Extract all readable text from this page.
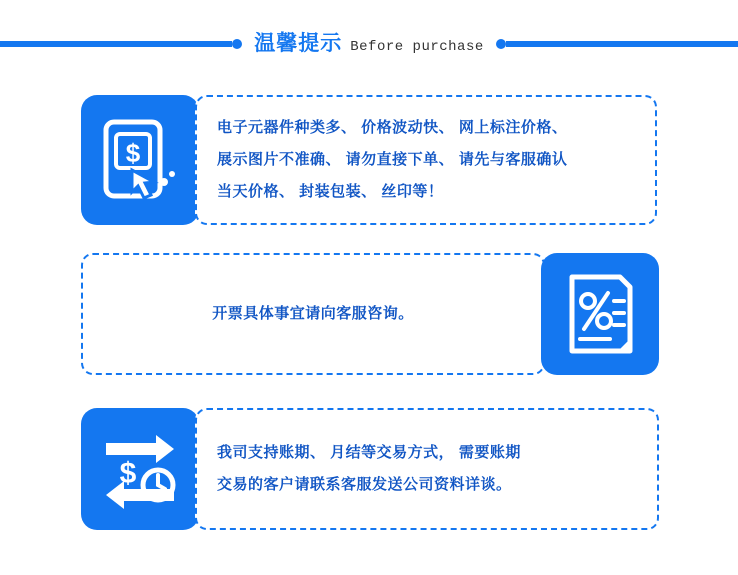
温馨提示 Before purchase
$
电子元器件种类多、 价格波动快、 网上标注价格、
展示图片不准确、 请勿直接下单、 请先与客服确认
当天价格、 封装包装、 丝印等！
开票具体事宜请向客服咨询。
$
我司支持账期、 月结等交易方式， 需要账期
交易的客户请联系客服发送公司资料详谈。
